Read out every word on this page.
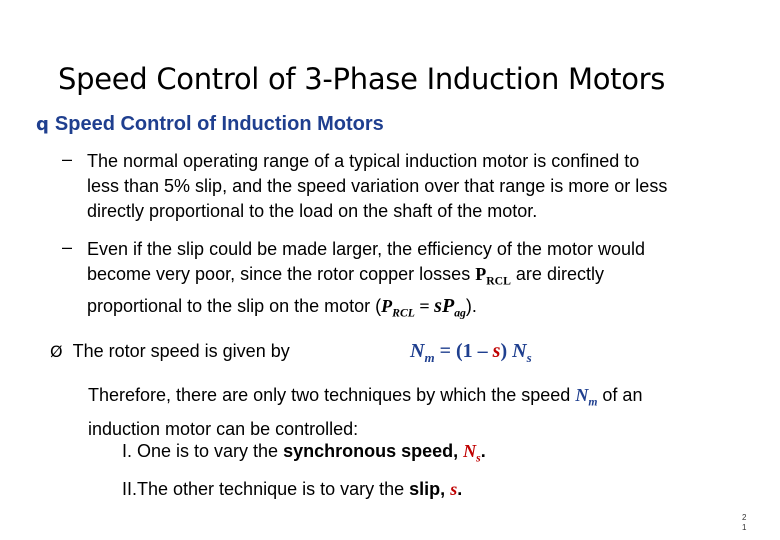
Speed Control of 3-Phase Induction Motors
q Speed Control of Induction Motors
– The normal operating range of a typical induction motor is confined to
less than 5% slip, and the speed variation over that range is more or less
directly proportional to the load on the shaft of the motor.
– Even if the slip could be made larger, the efficiency of the motor would
become very poor, since the rotor copper losses $P_{RCL}$ are directly
proportional to the slip on the motor $(P_{RCL} = sP_{ag})$.
Ø The rotor speed is given by	$N_m = (1 - s)$ $N_s$
Therefore, there are only two techniques by which the speed $N_m$ of an
induction motor can be controlled:
I. One is to vary the synchronous speed, $N_s$.
II.The other technique is to vary the slip, s.
2
1
